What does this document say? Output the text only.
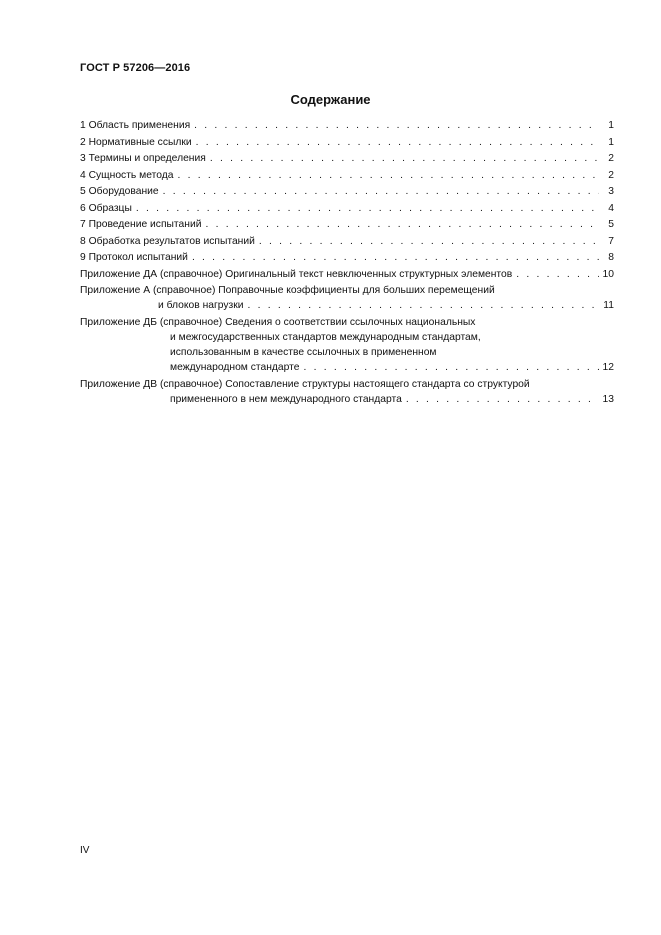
ГОСТ Р 57206—2016
Содержание
1 Область применения . . .	1
2 Нормативные ссылки . . .	1
3 Термины и определения . . .	2
4 Сущность метода . . .	2
5 Оборудование . . .	3
6 Образцы . . .	4
7 Проведение испытаний . . .	5
8 Обработка результатов испытаний . . .	7
9 Протокол испытаний . . .	8
Приложение ДА (справочное) Оригинальный текст невключенных структурных элементов . . .	10
Приложение А (справочное) Поправочные коэффициенты для больших перемещений
и блоков нагрузки . . .	11
Приложение ДБ (справочное) Сведения о соответствии ссылочных национальных
и межгосударственных стандартов международным стандартам,
использованным в качестве ссылочных в примененном
международном стандарте . . .	12
Приложение ДВ (справочное) Сопоставление структуры настоящего стандарта со структурой
примененного в нем международного стандарта . . .	13
IV
